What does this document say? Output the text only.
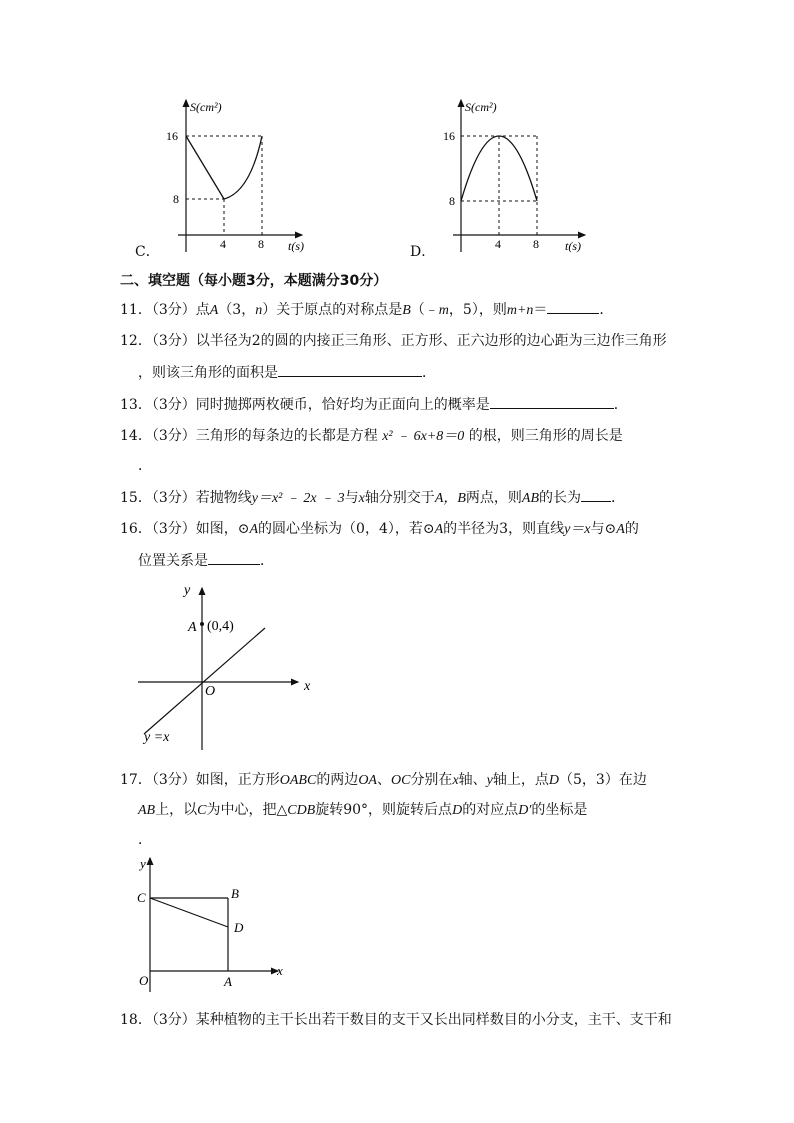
S(cm²)
16
8
4	8 t(s)
C．
S(cm²)
16
8
4	8 t(s)
D．
二、填空题（每小题3分，本题满分30分）
11．（3分）点A（3，n）关于原点的对称点是B（﹣m，5），则m+n＝	．
12．（3分）以半径为2的圆的内接正三角形、正方形、正六边形的边心距为三边作三角形
，则该三角形的面积是	．
13．（3分）同时抛掷两枚硬币，恰好均为正面向上的概率是	．
14．（3分）三角形的每条边的长都是方程 x² ﹣ 6x+8＝0 的根，则三角形的周长是
．
15．（3分）若抛物线y＝x² ﹣ 2x ﹣ 3与x轴分别交于A，B两点，则AB的长为 ．
16．（3分）如图，⊙A的圆心坐标为（0，4），若⊙A的半径为3，则直线y＝x与⊙A的
位置关系是	．
y
x
O
A (0,4)
y =x
17．（3分）如图，正方形OABC的两边OA、OC分别在x轴、y轴上，点D（5，3）在边
AB上，以C为中心，把△CDB旋转90°，则旋转后点D的对应点D′的坐标是
．
y
x
O
C	B
D
A
18．（3分）某种植物的主干长出若干数目的支干又长出同样数目的小分支，主干、支干和
